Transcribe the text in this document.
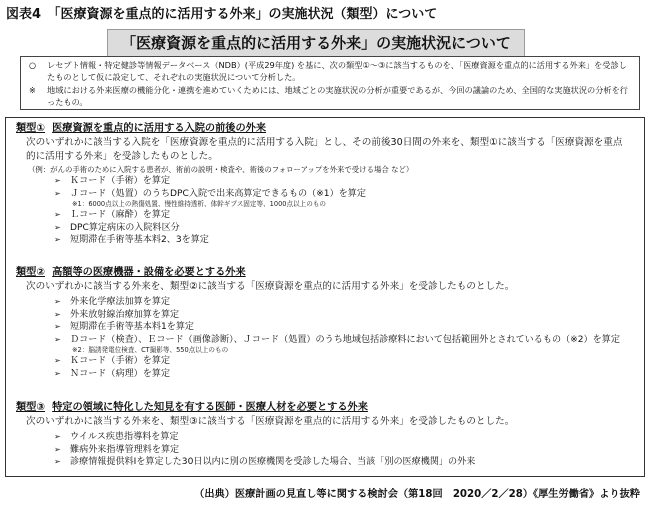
図表4　「医療資源を重点的に活用する外来」の実施状況（類型）について
「医療資源を重点的に活用する外来」の実施状況について
○	レセプト情報・特定健診等情報データベース（NDB）(平成29年度) を基に、次の類型①～③に該当するものを、「医療資源を重点的に活用する外来」を受診したものとして仮に設定して、それぞれの実施状況について分析した。
※	地域における外来医療の機能分化・連携を進めていくためには、地域ごとの実施状況の分析が重要であるが、今回の議論のため、全国的な実施状況の分析を行ったもの。
類型① 医療資源を重点的に活用する入院の前後の外来
次のいずれかに該当する入院を「医療資源を重点的に活用する入院」とし、その前後30日間の外来を、類型①に該当する「医療資源を重点的に活用する外来」を受診したものとした。
（例：がんの手術のために入院する患者が、術前の説明・検査や、術後のフォローアップを外来で受ける場合 など）
➢	Ｋコード（手術）を算定
➢	Ｊコード（処置）のうちDPC入院で出来高算定できるもの（※1）を算定
※1：6000点以上の熱傷処置、慢性維持透析、体幹ギプス固定等、1000点以上のもの
➢	Ｌコード（麻酔）を算定
➢	DPC算定病床の入院料区分
➢	短期滞在手術等基本料2、3を算定
類型② 高額等の医療機器・設備を必要とする外来
次のいずれかに該当する外来を、類型②に該当する「医療資源を重点的に活用する外来」を受診したものとした。
➢	外来化学療法加算を算定
➢	外来放射線治療加算を算定
➢	短期滞在手術等基本料1を算定
➢	Ｄコード（検査）、Ｅコード（画像診断）、Ｊコード（処置）のうち地域包括診療料において包括範囲外とされているもの（※2）を算定
※2：脳誘発電位検査、CT撮影等、550点以上のもの
➢	Ｋコード（手術）を算定
➢	Ｎコード（病理）を算定
類型③ 特定の領域に特化した知見を有する医師・医療人材を必要とする外来
次のいずれかに該当する外来を、類型③に該当する「医療資源を重点的に活用する外来」を受診したものとした。
➢	ウイルス疾患指導料を算定
➢	難病外来指導管理料を算定
➢	診療情報提供料Ⅰを算定した30日以内に別の医療機関を受診した場合、当該「別の医療機関」の外来
（出典）医療計画の見直し等に関する検討会（第18回　2020／2／28）《厚生労働省》より抜粋
